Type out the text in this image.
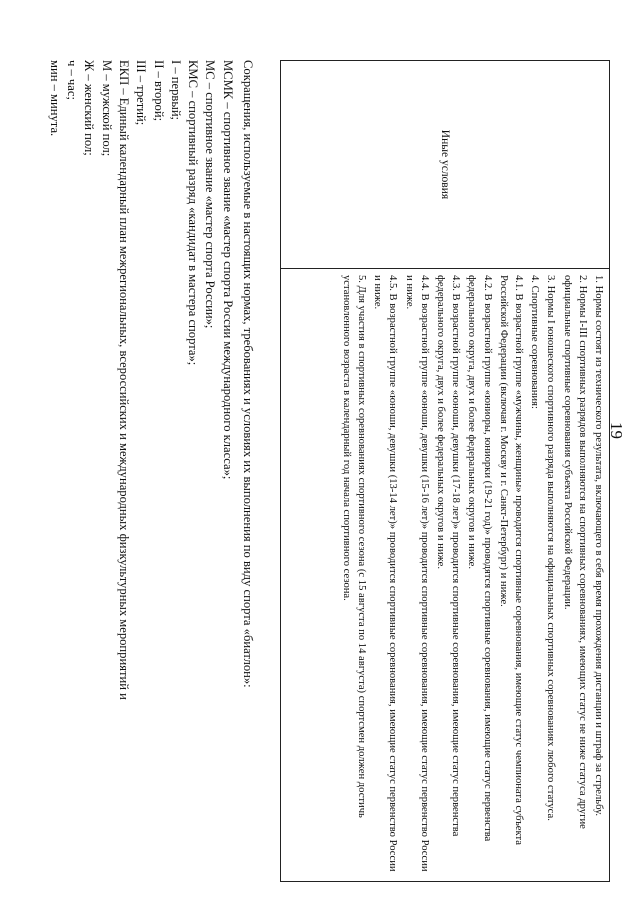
19
Иные условия

1. Нормы состоят из технического результата, включающего в себя время прохождения дистанции и штраф за стрельбу.

2. Нормы I-III спортивных разрядов выполняются на спортивных соревнованиях, имеющих статус не ниже статуса другие официальные спортивные соревнования субъекта Российской Федерации.

3. Нормы I юношеского спортивного разряда выполняются на официальных спортивных соревнованиях любого статуса.

4. Спортивные соревнования:

4.1. В возрастной группе «мужчины, женщины» проводится спортивные соревнования, имеющие статус чемпионата субъекта Российской Федерации (включая г. Москву и г. Санкт-Петербург) и ниже.

4.2. В возрастной группе «юниоры, юниорки (19-21 год)» проводятся спортивные соревнования, имеющие статус первенства федерального округа, двух и более федеральных округов и ниже.

4.3. В возрастной группе «юноши, девушки (17-18 лет)» проводится спортивные соревнования, имеющие статус первенства федерального округа, двух и более федеральных округов и ниже.

4.4. В возрастной группе «юноши, девушки (15-16 лет)» проводится спортивные соревнования, имеющие статус первенство России и ниже.

4.5. В возрастной группе «юноши, девушки (13-14 лет)» проводится спортивные соревнования, имеющие статус первенство России и ниже.

5. Для участия в спортивных соревнованиях спортивного сезона (с 15 августа по 14 августа) спортсмен должен достичь установленного возраста в календарный год начала спортивного сезона.

Сокращения, используемые в настоящих нормах, требованиях и условиях их выполнения по виду спорта «биатлон»:

МСМК – спортивное звание «мастер спорта России международного класса»;

МС – спортивное звание «мастер спорта России»;

КМС – спортивный разряд «кандидат в мастера спорта»;

I – первый;

II – второй;

III – третий;

ЕКП – Единый календарный план межрегиональных, всероссийских и международных физкультурных мероприятий и

М – мужской пол;

Ж – женский пол;

ч – час;

мин – минута.
